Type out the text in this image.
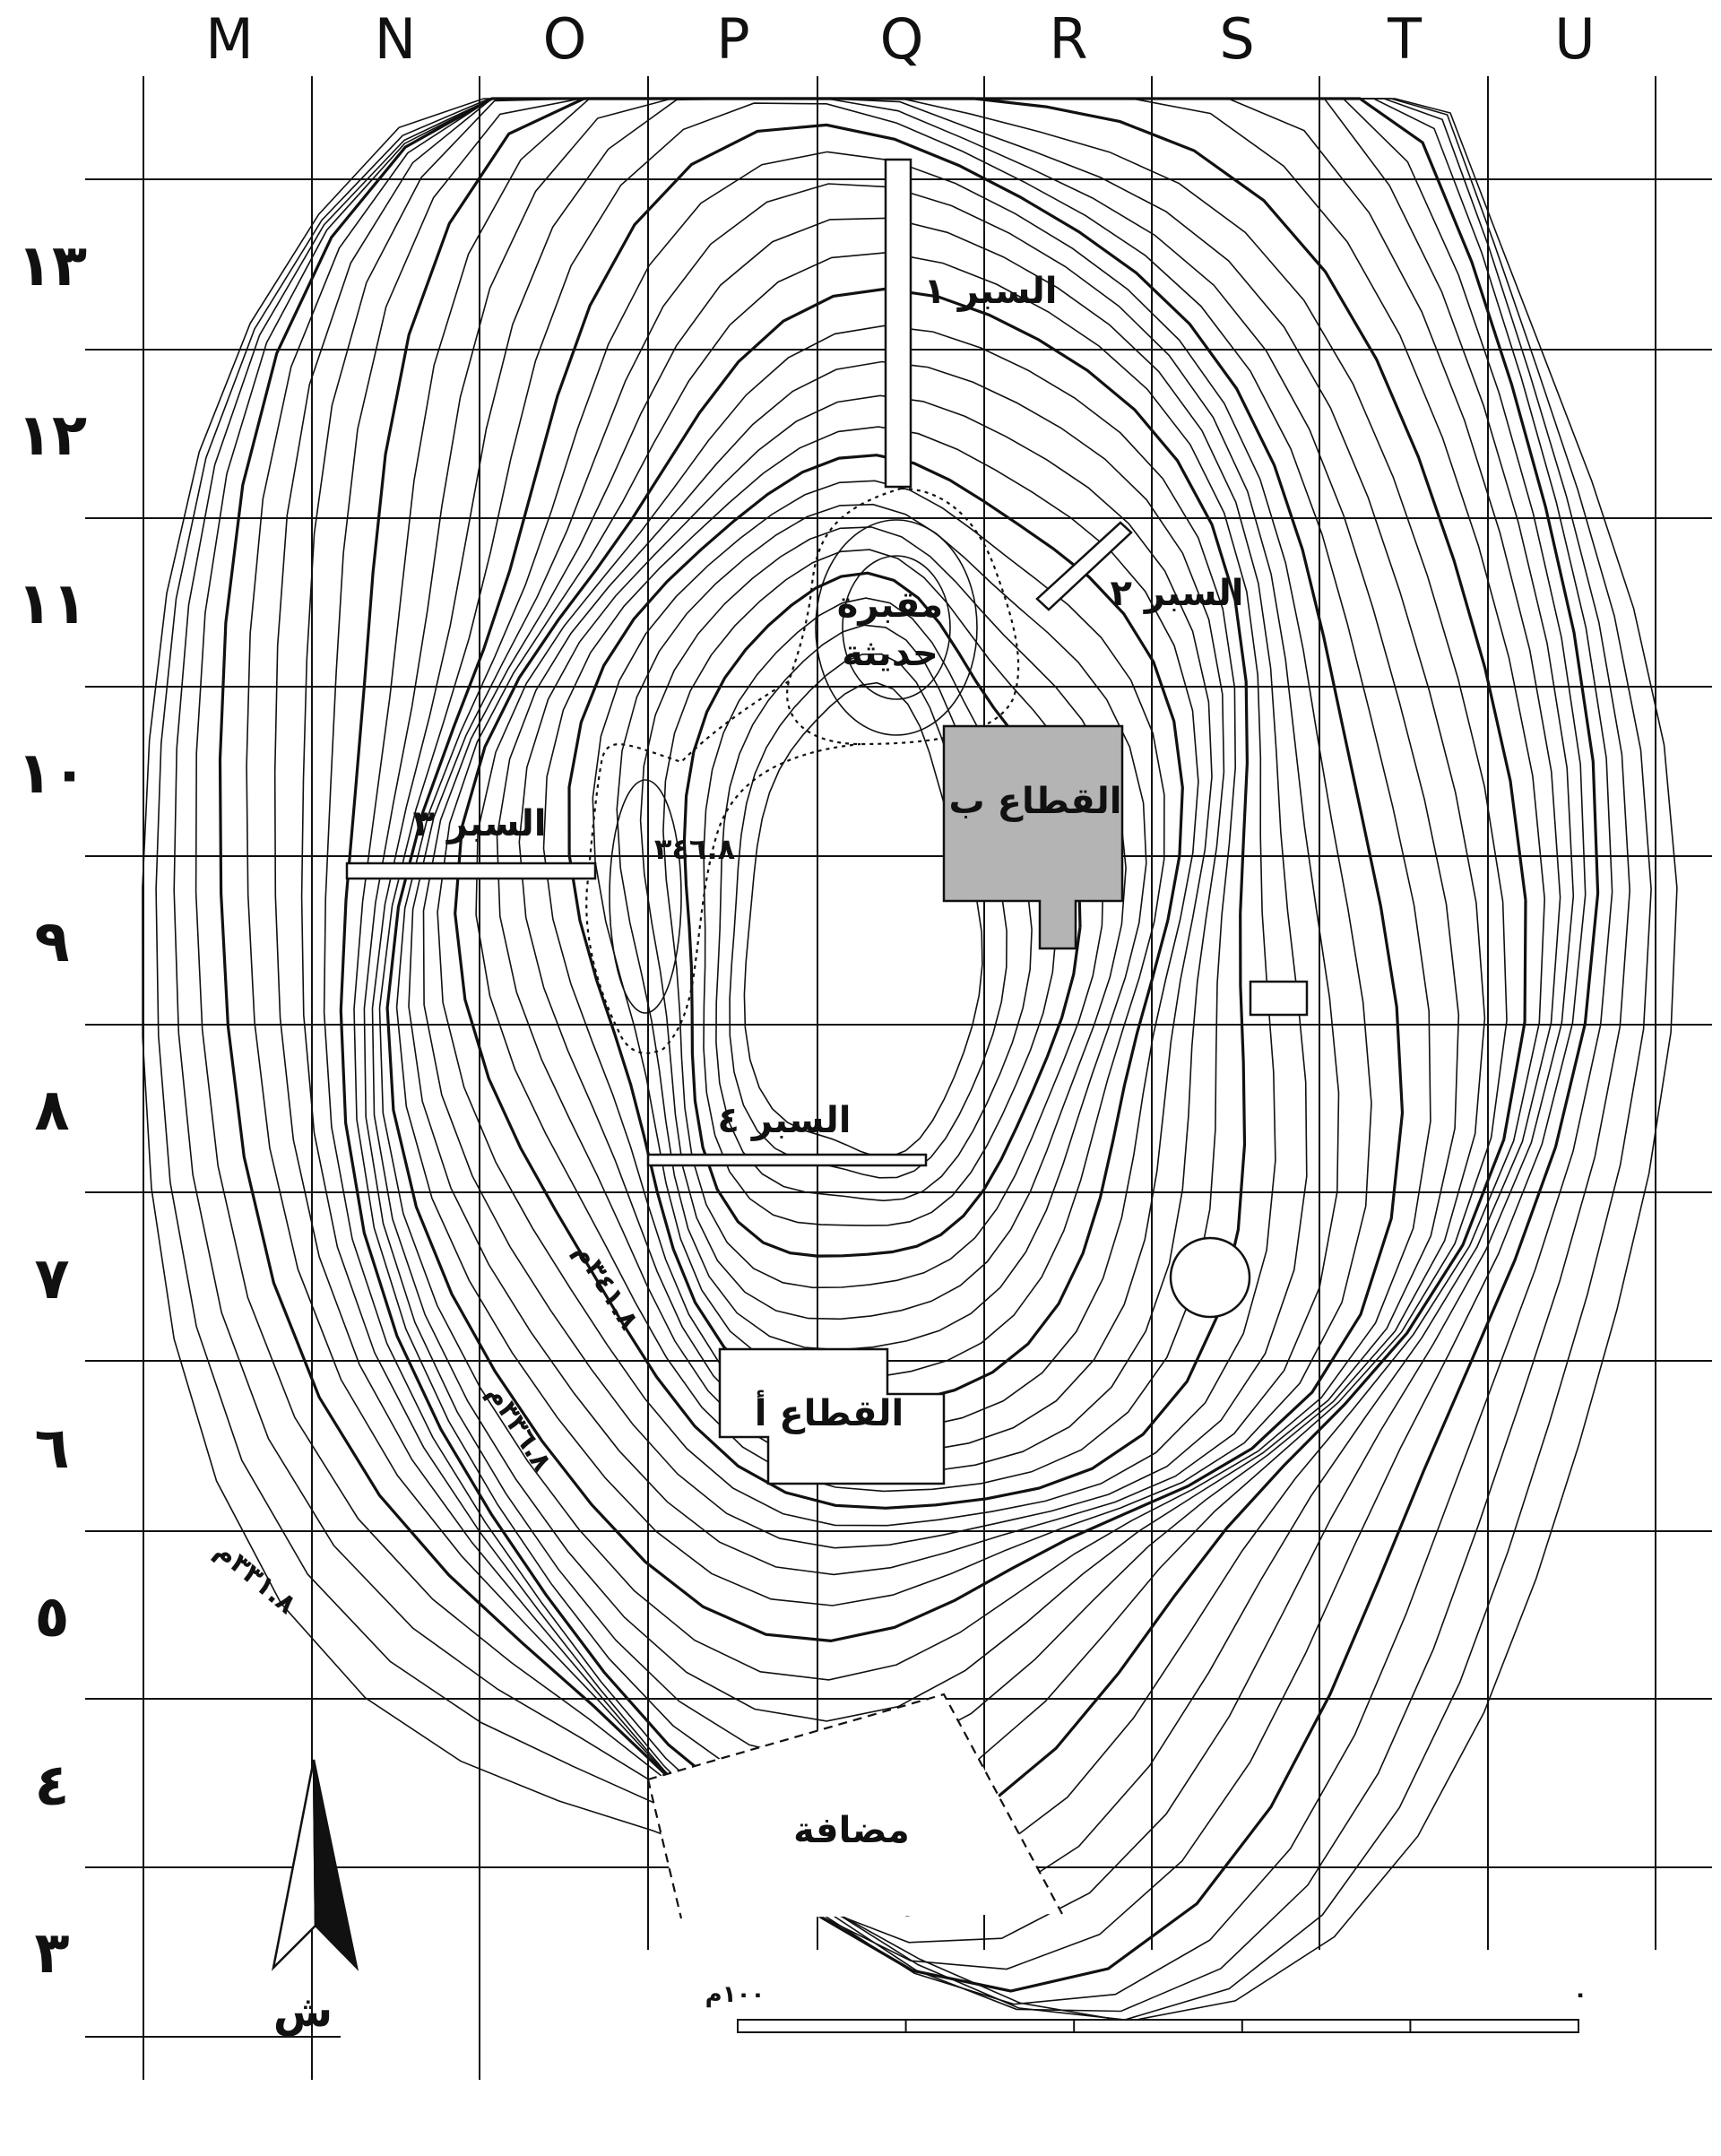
M N O P Q R S T U
١٣
١٢
١١
١٠
٩
٨
٧
٦
٥
٤
٣
السبر ١
السبر ٢
السبر ٣
السبر ٤
القطاع ب
القطاع أ
مقبرة
حديثة
مضافة
٣٤٦.٨
٣٤١.٨م
٣٣٦.٨م
٣٣١.٨م
ش	١٠٠م	٠
